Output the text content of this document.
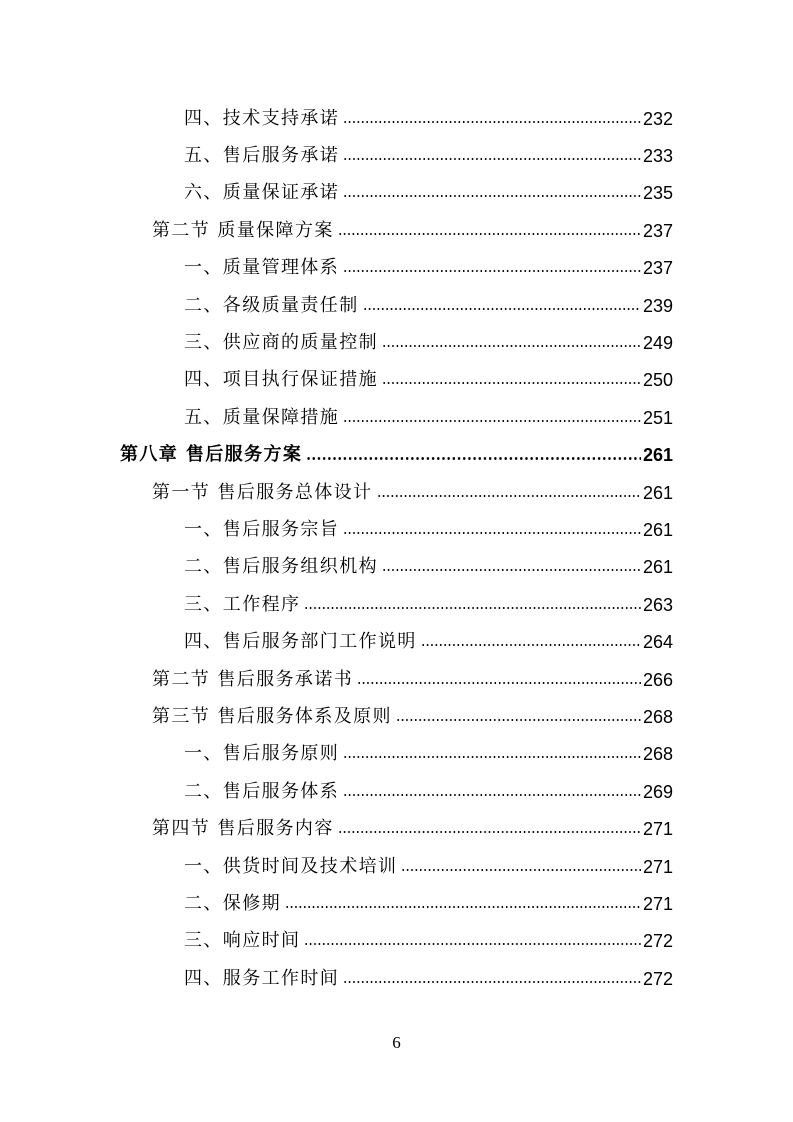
四、技术支持承诺	232
五、售后服务承诺	233
六、质量保证承诺	235
第二节 质量保障方案	237
一、质量管理体系	237
二、各级质量责任制	239
三、供应商的质量控制	249
四、项目执行保证措施	250
五、质量保障措施	251
第八章 售后服务方案	261
第一节 售后服务总体设计	261
一、售后服务宗旨	261
二、售后服务组织机构	261
三、工作程序	263
四、售后服务部门工作说明	264
第二节 售后服务承诺书	266
第三节 售后服务体系及原则	268
一、售后服务原则	268
二、售后服务体系	269
第四节 售后服务内容	271
一、供货时间及技术培训	271
二、保修期	271
三、响应时间	272
四、服务工作时间	272
6
